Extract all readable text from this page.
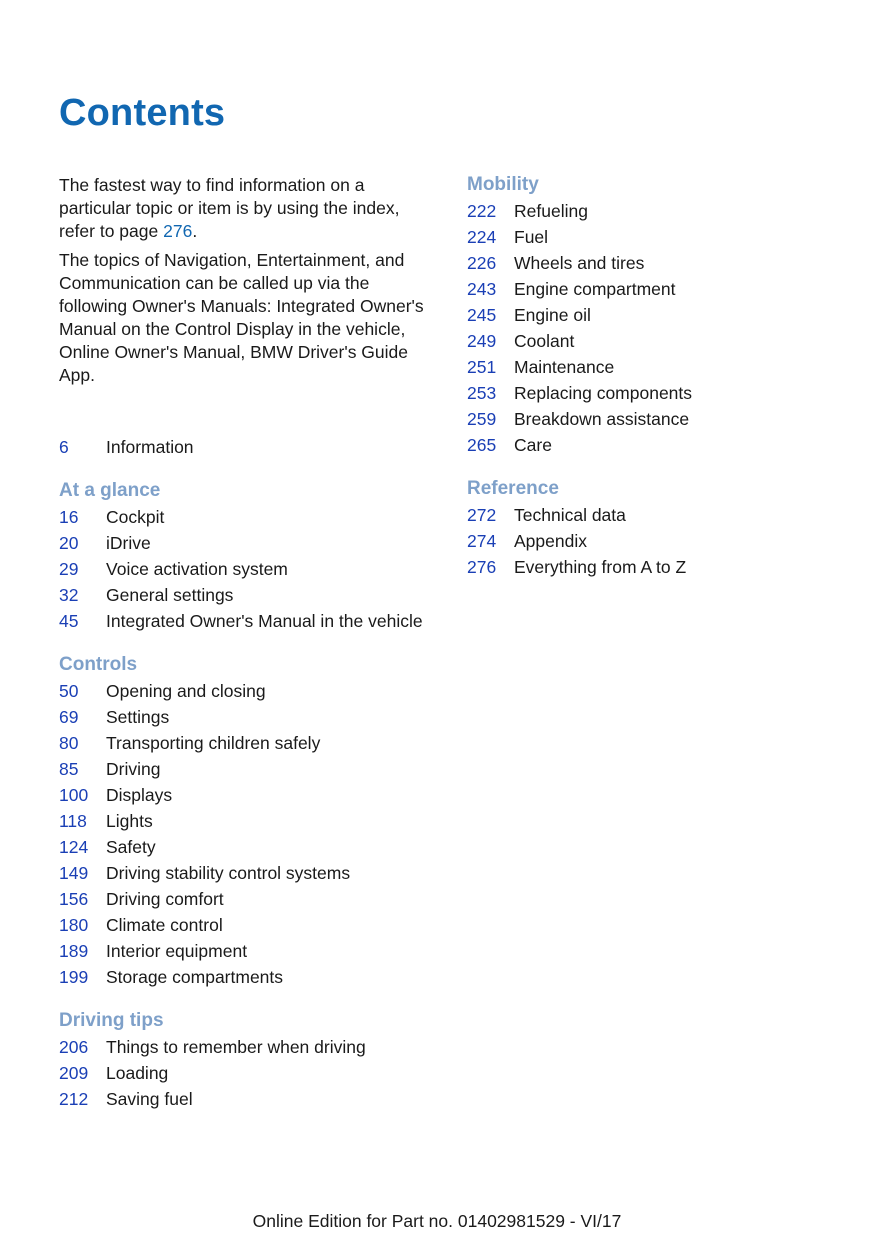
Contents

The fastest way to find information on a particular topic or item is by using the index, refer to page 276.

The topics of Navigation, Entertainment, and Communication can be called up via the following Owner's Manuals: Integrated Owner's Manual on the Control Display in the vehicle, Online Owner's Manual, BMW Driver's Guide App.

6	Information
At a glance
16	Cockpit
20	iDrive
29	Voice activation system
32	General settings
45	Integrated Owner's Manual in the vehicle
Controls
50	Opening and closing
69	Settings
80	Transporting children safely
85	Driving
100	Displays
118	Lights
124	Safety
149	Driving stability control systems
156	Driving comfort
180	Climate control
189	Interior equipment
199	Storage compartments
Driving tips
206	Things to remember when driving
209	Loading
212	Saving fuel
Mobility
222	Refueling
224	Fuel
226	Wheels and tires
243	Engine compartment
245	Engine oil
249	Coolant
251	Maintenance
253	Replacing components
259	Breakdown assistance
265	Care
Reference
272	Technical data
274	Appendix
276	Everything from A to Z
Online Edition for Part no. 01402981529 - VI/17
